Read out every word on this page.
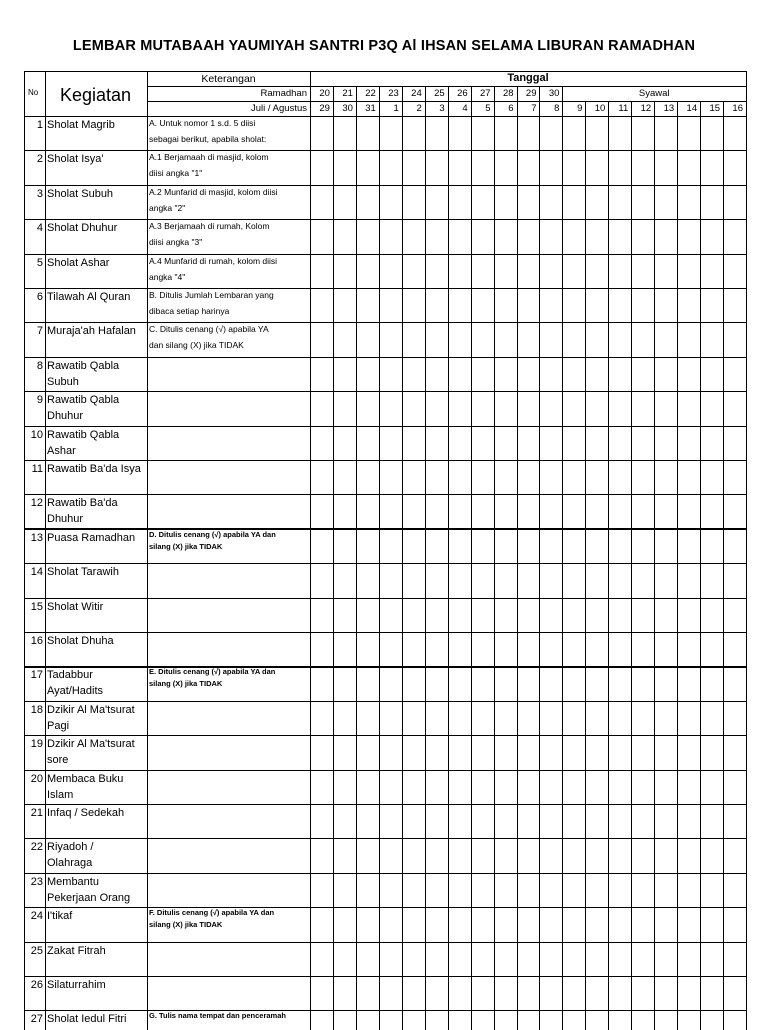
LEMBAR MUTABAAH YAUMIYAH SANTRI P3Q Al IHSAN SELAMA LIBURAN RAMADHAN
No Kegiatan
Keterangan	Tanggal
Ramadhan
Juli / Agustus
Syawal
20 21 22 23 24 25 26 27 28 29 30
29 30 31 1 2 3 4 5 6 7 8 9 10 11 12 13 14 15 16
1 Sholat Magrib
2 Sholat Isya'
3 Sholat Subuh
4 Sholat Dhuhur
5 Sholat Ashar
6 Tilawah Al Quran
7 Muraja'ah Hafalan
8 Rawatib Qabla
Subuh
9 Rawatib Qabla
Dhuhur
10 Rawatib Qabla
Ashar
11 Rawatib Ba'da Isya
12 Rawatib Ba'da
Dhuhur
13 Puasa Ramadhan
14 Sholat Tarawih
15 Sholat Witir
16 Sholat Dhuha
17 Tadabbur
Ayat/Hadits
18 Dzikir Al Ma'tsurat
Pagi
19 Dzikir Al Ma'tsurat
sore
20 Membaca Buku
Islam
21 Infaq / Sedekah
22 Riyadoh /
Olahraga
23 Membantu
Pekerjaan Orang
24 I'tikaf
25 Zakat Fitrah
26 Silaturrahim
27 Sholat Iedul Fitri
A. Untuk nomor 1 s.d. 5 diisi
sebagai berikut, apabila sholat:
A.1 Berjamaah di masjid, kolom
diisi angka "1"
A.2 Munfarid di masjid, kolom diisi
angka "2"
A.3 Berjamaah di rumah, Kolom
diisi angka "3"
A.4 Munfarid di rumah, kolom diisi
angka "4"
B. Ditulis Jumlah Lembaran yang
dibaca setiap harinya
C. Ditulis cenang (√) apabila YA
dan silang (X) jika TIDAK
D. Ditulis cenang (√) apabila YA dan
silang (X) jika TIDAK
E. Ditulis cenang (√) apabila YA dan
silang (X) jika TIDAK
F. Ditulis cenang (√) apabila YA dan
silang (X) jika TIDAK
G. Tulis nama tempat dan penceramah
